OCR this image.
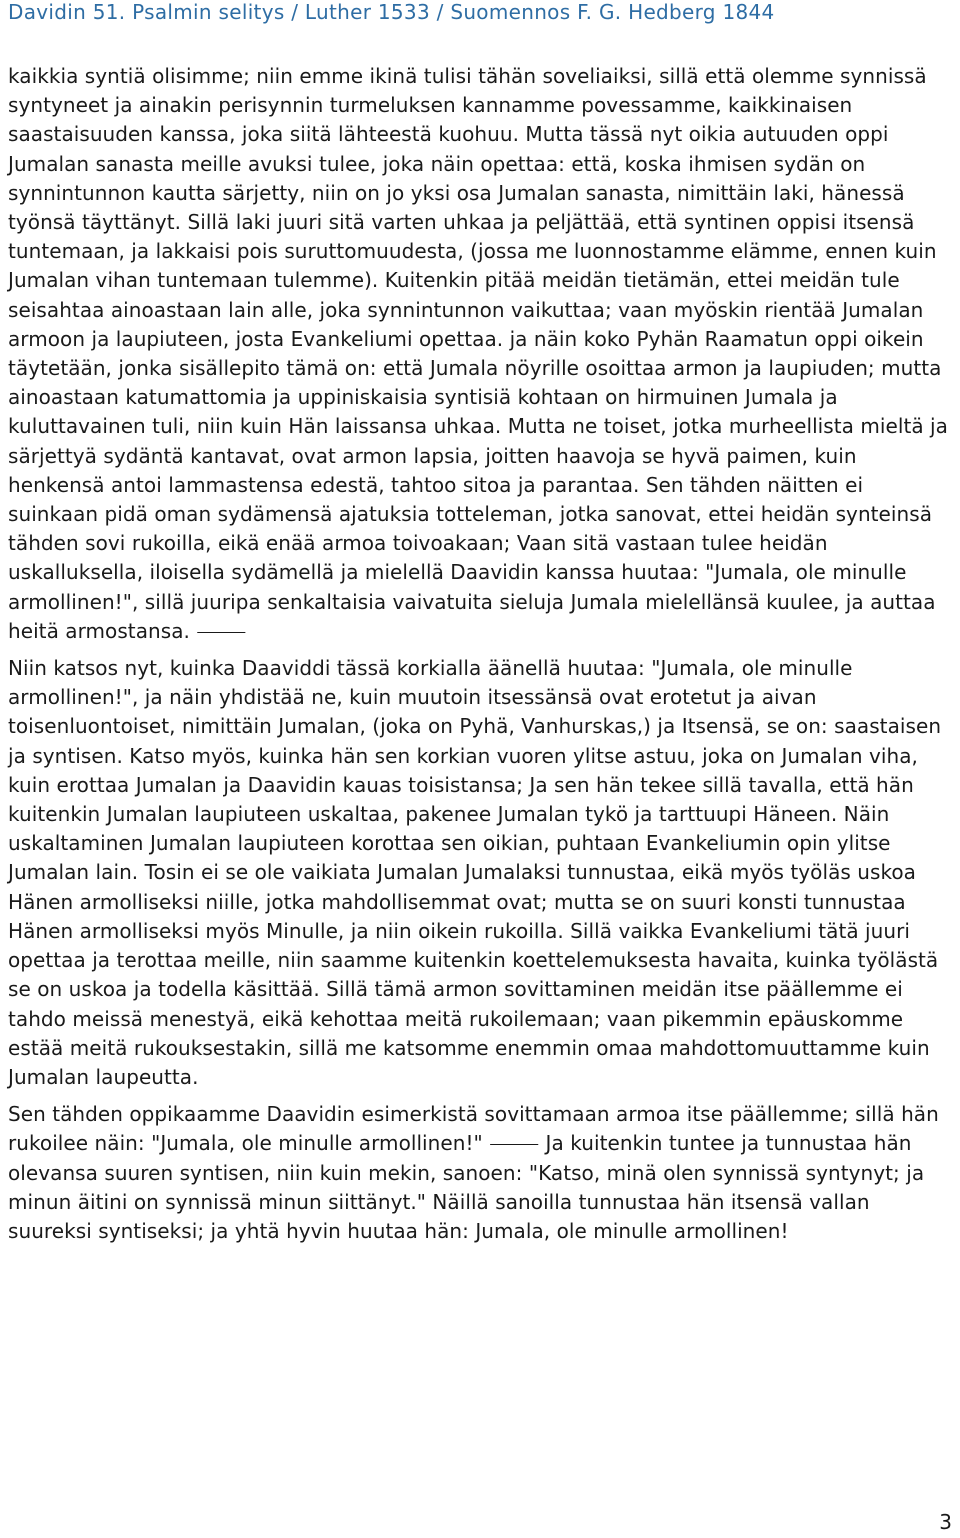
Davidin 51. Psalmin selitys / Luther 1533 / Suomennos F. G. Hedberg 1844

kaikkia syntiä olisimme; niin emme ikinä tulisi tähän soveliaiksi, sillä että olemme synnissä syntyneet ja ainakin perisynnin turmeluksen kannamme povessamme, kaikkinaisen saastaisuuden kanssa, joka siitä lähteestä kuohuu. Mutta tässä nyt oikia autuuden oppi Jumalan sanasta meille avuksi tulee, joka näin opettaa: että, koska ihmisen sydän on synnintunnon kautta särjetty, niin on jo yksi osa Jumalan sanasta, nimittäin laki, hänessä työnsä täyttänyt. Sillä laki juuri sitä varten uhkaa ja peljättää, että syntinen oppisi itsensä tuntemaan, ja lakkaisi pois suruttomuudesta, (jossa me luonnostamme elämme, ennen kuin Jumalan vihan tuntemaan tulemme). Kuitenkin pitää meidän tietämän, ettei meidän tule seisahtaa ainoastaan lain alle, joka synnintunnon vaikuttaa; vaan myöskin rientää Jumalan armoon ja laupiuteen, josta Evankeliumi opettaa. ja näin koko Pyhän Raamatun oppi oikein täytetään, jonka sisällepito tämä on: että Jumala nöyrille osoittaa armon ja laupiuden; mutta ainoastaan katumattomia ja uppiniskaisia syntisiä kohtaan on hirmuinen Jumala ja kuluttavainen tuli, niin kuin Hän laissansa uhkaa. Mutta ne toiset, jotka murheellista mieltä ja särjettyä sydäntä kantavat, ovat armon lapsia, joitten haavoja se hyvä paimen, kuin henkensä antoi lammastensa edestä, tahtoo sitoa ja parantaa. Sen tähden näitten ei suinkaan pidä oman sydämensä ajatuksia totteleman, jotka sanovat, ettei heidän synteinsä tähden sovi rukoilla, eikä enää armoa toivoakaan; Vaan sitä vastaan tulee heidän uskalluksella, iloisella sydämellä ja mielellä Daavidin kanssa huutaa: "Jumala, ole minulle armollinen!", sillä juuripa senkaltaisia vaivatuita sieluja Jumala mielellänsä kuulee, ja auttaa heitä armostansa. ⸻

Niin katsos nyt, kuinka Daaviddi tässä korkialla äänellä huutaa: "Jumala, ole minulle armollinen!", ja näin yhdistää ne, kuin muutoin itsessänsä ovat erotetut ja aivan toisenluontoiset, nimittäin Jumalan, (joka on Pyhä, Vanhurskas,) ja Itsensä, se on: saastaisen ja syntisen. Katso myös, kuinka hän sen korkian vuoren ylitse astuu, joka on Jumalan viha, kuin erottaa Jumalan ja Daavidin kauas toisistansa; Ja sen hän tekee sillä tavalla, että hän kuitenkin Jumalan laupiuteen uskaltaa, pakenee Jumalan tykö ja tarttuupi Häneen. Näin uskaltaminen Jumalan laupiuteen korottaa sen oikian, puhtaan Evankeliumin opin ylitse Jumalan lain. Tosin ei se ole vaikiata Jumalan Jumalaksi tunnustaa, eikä myös työläs uskoa Hänen armolliseksi niille, jotka mahdollisemmat ovat; mutta se on suuri konsti tunnustaa Hänen armolliseksi myös Minulle, ja niin oikein rukoilla. Sillä vaikka Evankeliumi tätä juuri opettaa ja terottaa meille, niin saamme kuitenkin koettelemuksesta havaita, kuinka työlästä se on uskoa ja todella käsittää. Sillä tämä armon sovittaminen meidän itse päällemme ei tahdo meissä menestyä, eikä kehottaa meitä rukoilemaan; vaan pikemmin epäuskomme estää meitä rukouksestakin, sillä me katsomme enemmin omaa mahdottomuuttamme kuin Jumalan laupeutta.

Sen tähden oppikaamme Daavidin esimerkistä sovittamaan armoa itse päällemme; sillä hän rukoilee näin: "Jumala, ole minulle armollinen!" ⸻ Ja kuitenkin tuntee ja tunnustaa hän olevansa suuren syntisen, niin kuin mekin, sanoen: "Katso, minä olen synnissä syntynyt; ja minun äitini on synnissä minun siittänyt." Näillä sanoilla tunnustaa hän itsensä vallan suureksi syntiseksi; ja yhtä hyvin huutaa hän: Jumala, ole minulle armollinen!

3
